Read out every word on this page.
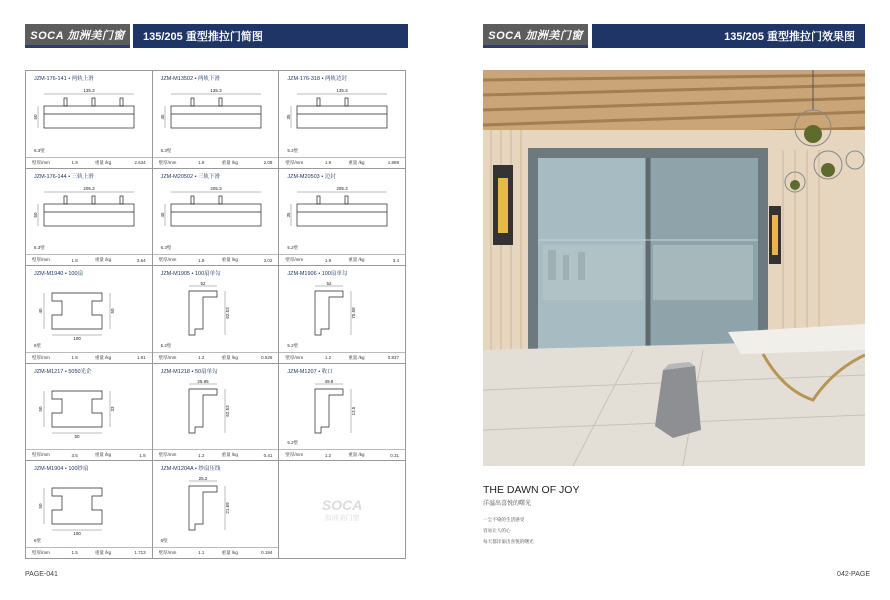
SOCA 加洲美门窗	135/205 重型推拉门简图
JZM-176-141 • 两轨上滑
135.3
50
6.3壁
壁厚/mm	1.9	重量 /kg	2.634
JZM-M13502 • 两轨下滑
135.3
45
6.3壁
壁厚/mm	1.9	重量 /kg	2.08
JZM-176-318 • 两轨边封
135.3
35
5.2壁
壁厚/mm	1.9	重量 /kg	1.889
JZM-176-144 • 三轨上滑
205.3
50
6.3壁
壁厚/mm	1.8	重量 /kg	3.64
JZM-M20502 • 三轨下滑
205.3
45
6.3壁
壁厚/mm	1.8	重量 /kg	3.02
JZM-M20503 • 边封
205.3
35
5.2壁
壁厚/mm	1.9	重量 /kg	3.4
JZM-M1940 • 100扇
100
40	50
6壁
壁厚/mm	1.8	重量 /kg	1.91
JZM-M1905 • 100扇单勾
52
62.53
5.2壁
壁厚/mm	1.2	重量 /kg	0.526
JZM-M1906 • 100扇单勾
52
75.58
5.2壁
壁厚/mm	1.2	重量 /kg	0.837
JZM-M1217 • 5050光企
50
50	33
壁厚/mm	3.5	重量 /kg	1.8
JZM-M1218 • 50扇单勾
25.95
62.53
壁厚/mm	1.2	重量 /kg	0.41
JZM-M1207 • 收口
49.8
13.5
5.2壁
壁厚/mm	1.2	重量 /kg	0.31
JZM-M1904 • 100纱扇
100
50
6壁
壁厚/mm	1.5	重量 /kg	1.713
JZM-M1204A • 纱扇压线
25.2
21.69
6壁
壁厚/mm	1.1	重量 /kg	0.194
SOCA
加洲美门窗
PAGE-041
SOCA 加洲美门窗	135/205 重型推拉门效果图
THE DAWN OF JOY
洋溢出喜悦的曙光
一尘不染的生活感受
容易让人的心
每天都洋溢出喜悦的曙光
042-PAGE
